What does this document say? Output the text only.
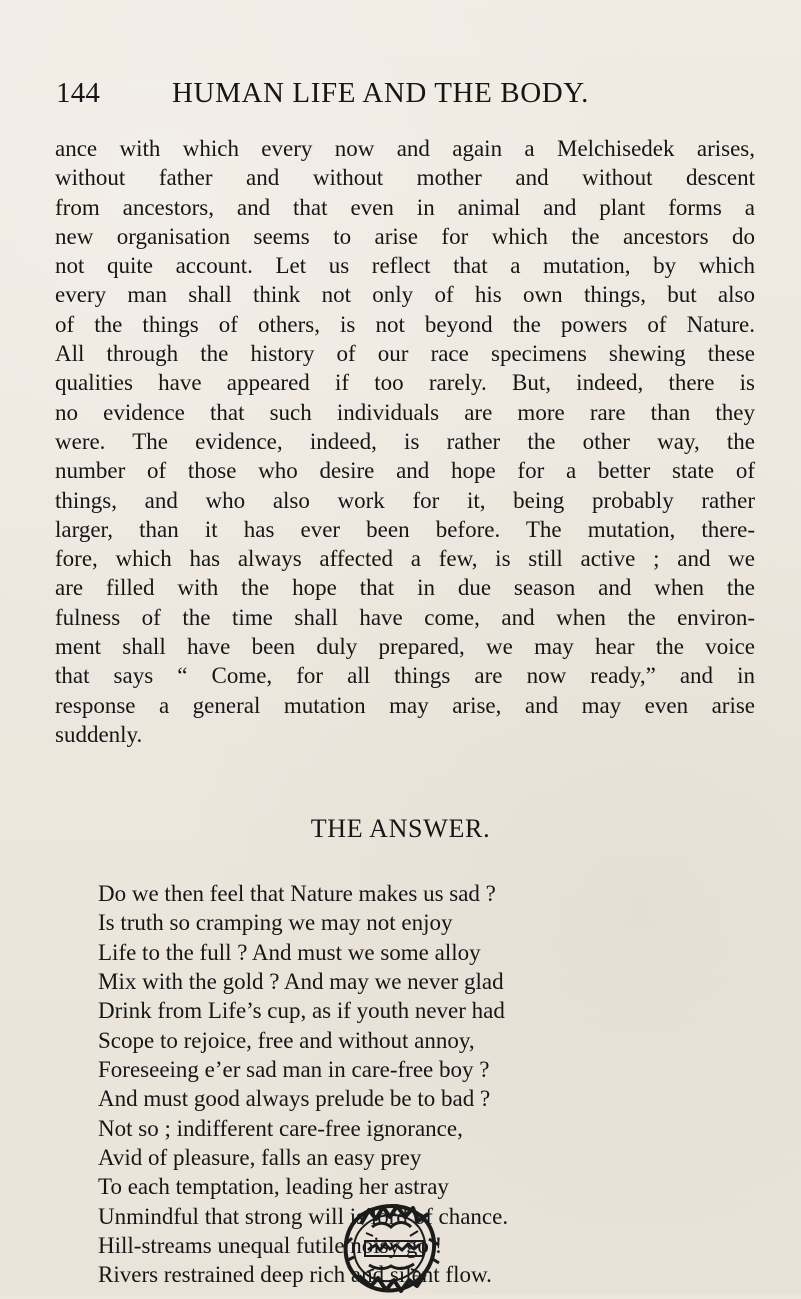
144 HUMAN LIFE AND THE BODY.
ance with which every now and again a Melchisedek arises,
without father and without mother and without descent
from ancestors, and that even in animal and plant forms a
new organisation seems to arise for which the ancestors do
not quite account. Let us reflect that a mutation, by which
every man shall think not only of his own things, but also
of the things of others, is not beyond the powers of Nature.
All through the history of our race specimens shewing these
qualities have appeared if too rarely. But, indeed, there is
no evidence that such individuals are more rare than they
were. The evidence, indeed, is rather the other way, the
number of those who desire and hope for a better state of
things, and who also work for it, being probably rather
larger, than it has ever been before. The mutation, there-
fore, which has always affected a few, is still active ; and we
are filled with the hope that in due season and when the
fulness of the time shall have come, and when the environ-
ment shall have been duly prepared, we may hear the voice
that says “ Come, for all things are now ready,” and in
response a general mutation may arise, and may even arise
suddenly.
THE ANSWER.
Do we then feel that Nature makes us sad ?
Is truth so cramping we may not enjoy
Life to the full ? And must we some alloy
Mix with the gold ? And may we never glad
Drink from Life’s cup, as if youth never had
Scope to rejoice, free and without annoy,
Foreseeing e’er sad man in care-free boy ?
And must good always prelude be to bad ?
Not so ; indifferent care-free ignorance,
Avid of pleasure, falls an easy prey
To each temptation, leading her astray
Unmindful that strong will is lord of chance.
Hill-streams unequal futile noisy go !
Rivers restrained deep rich and silent flow.
